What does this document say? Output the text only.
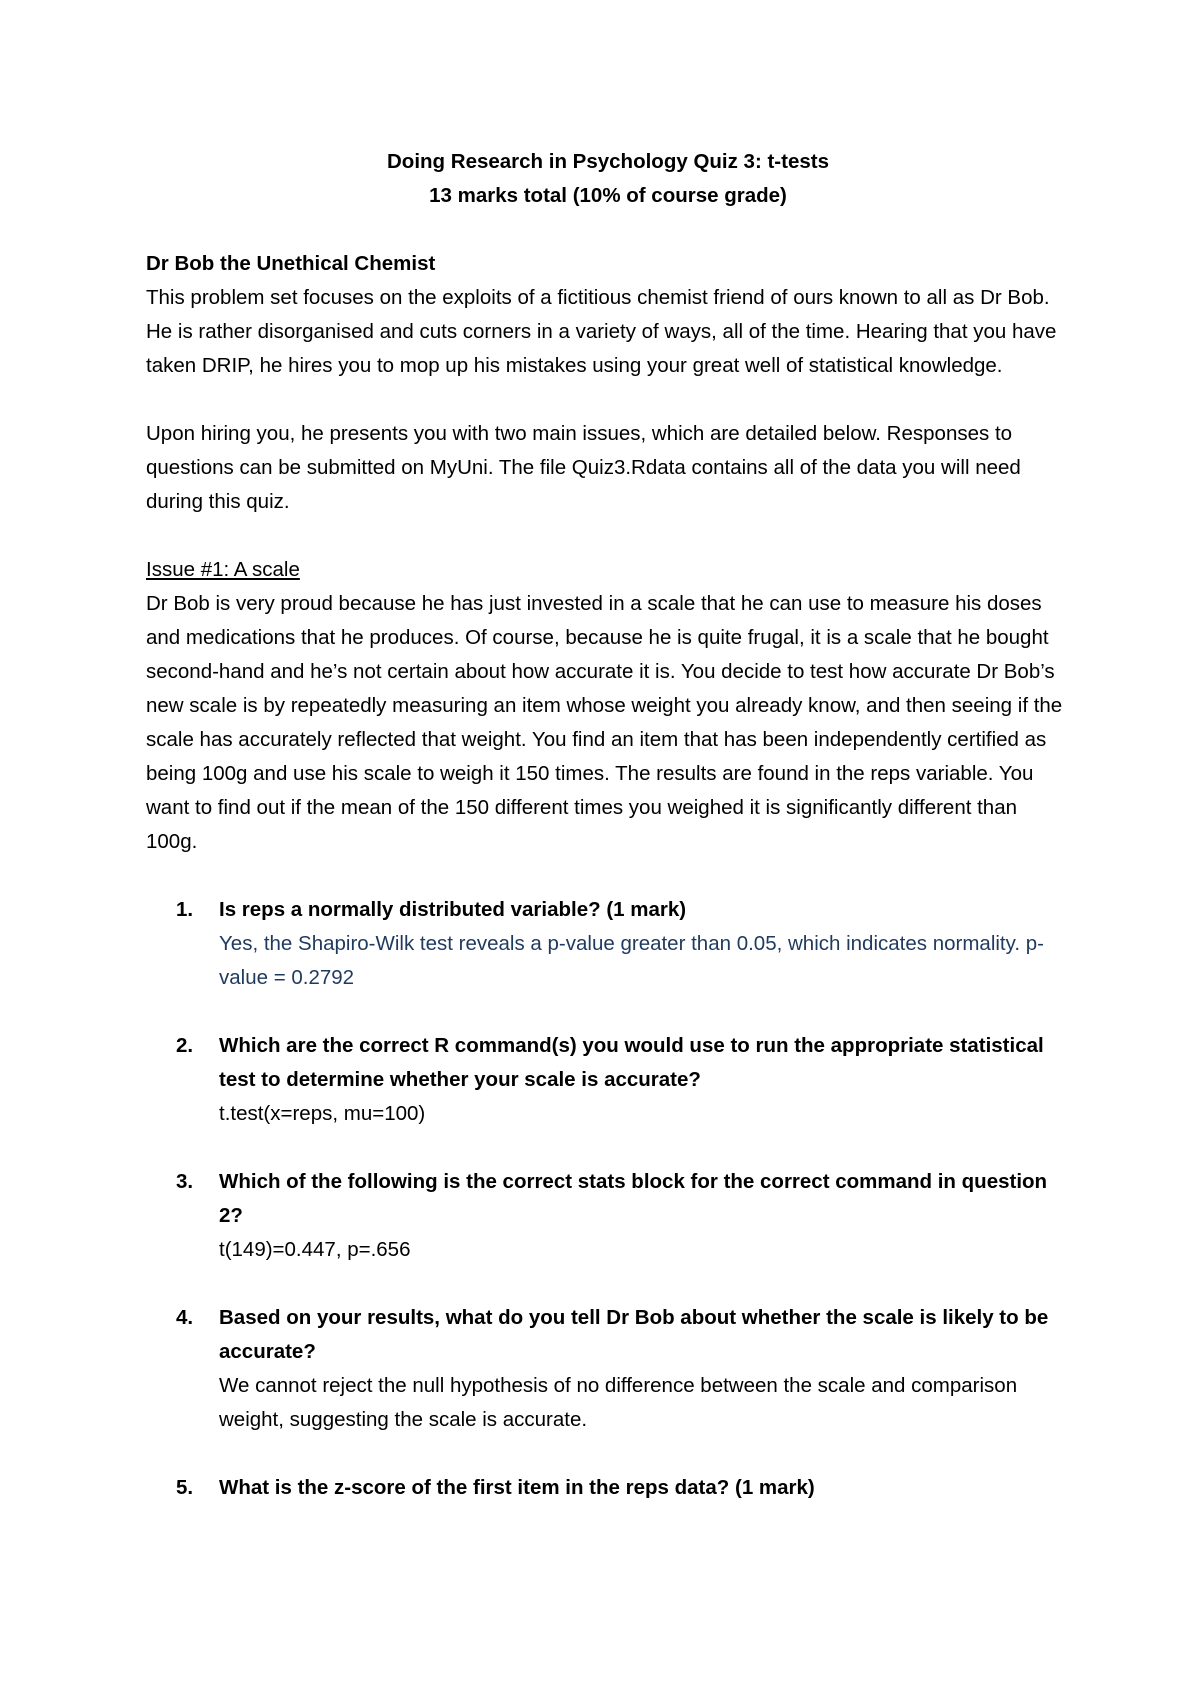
Doing Research in Psychology Quiz 3: t-tests
13 marks total (10% of course grade)
Dr Bob the Unethical Chemist

This problem set focuses on the exploits of a fictitious chemist friend of ours known to all as Dr Bob. He is rather disorganised and cuts corners in a variety of ways, all of the time. Hearing that you have taken DRIP, he hires you to mop up his mistakes using your great well of statistical knowledge.

Upon hiring you, he presents you with two main issues, which are detailed below. Responses to questions can be submitted on MyUni. The file Quiz3.Rdata contains all of the data you will need during this quiz.

Issue #1: A scale

Dr Bob is very proud because he has just invested in a scale that he can use to measure his doses and medications that he produces. Of course, because he is quite frugal, it is a scale that he bought second-hand and he’s not certain about how accurate it is. You decide to test how accurate Dr Bob’s new scale is by repeatedly measuring an item whose weight you already know, and then seeing if the scale has accurately reflected that weight. You find an item that has been independently certified as being 100g and use his scale to weigh it 150 times. The results are found in the reps variable. You want to find out if the mean of the 150 different times you weighed it is significantly different than 100g.

1. Is reps a normally distributed variable? (1 mark)
Yes, the Shapiro-Wilk test reveals a p-value greater than 0.05, which indicates normality. p-value = 0.2792
2. Which are the correct R command(s) you would use to run the appropriate statistical test to determine whether your scale is accurate?
t.test(x=reps, mu=100)
3. Which of the following is the correct stats block for the correct command in question 2?
t(149)=0.447, p=.656
4. Based on your results, what do you tell Dr Bob about whether the scale is likely to be accurate?
We cannot reject the null hypothesis of no difference between the scale and comparison weight, suggesting the scale is accurate.
5. What is the z-score of the first item in the reps data? (1 mark)
